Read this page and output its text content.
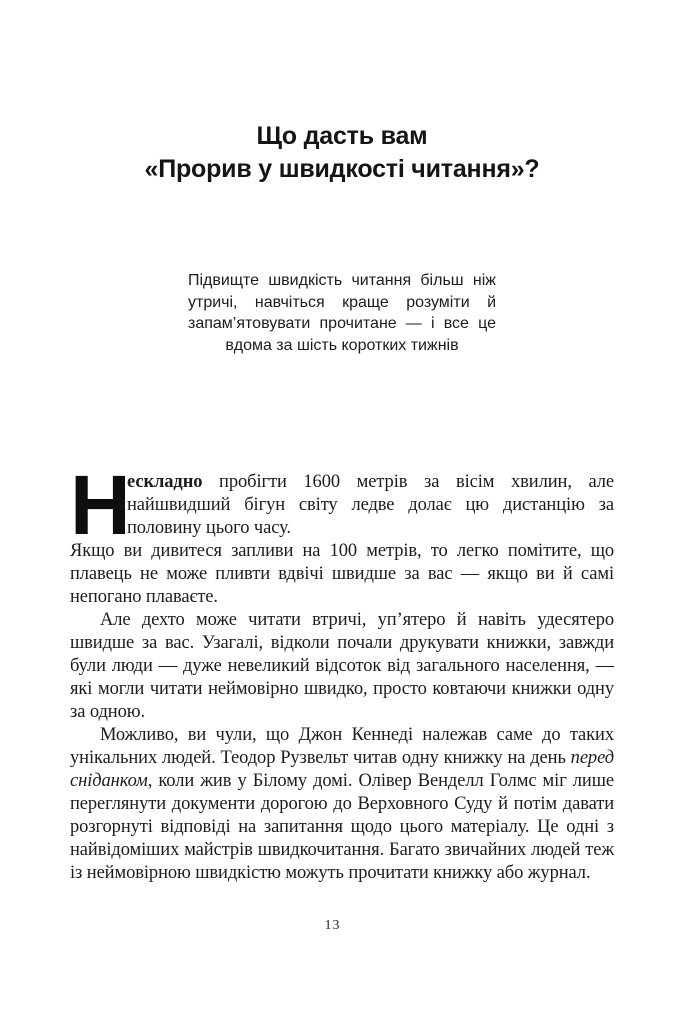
Що дасть вам
«Прорив у швидкості читання»?
Підвищте швидкість читання більш ніж утричі, навчіться краще розуміти й запам’ятовувати прочитане — і все це вдома за шість коротких тижнів

Н
ескладно пробігти 1600 метрів за вісім хвилин, але найшвидший бігун світу ледве долає цю дистанцію за половину цього часу.

Якщо ви дивитеся запливи на 100 метрів, то легко помітите, що плавець не може пливти вдвічі швидше за вас — якщо ви й самі непогано плаваєте.

Але дехто може читати втричі, уп’ятеро й навіть удесятеро швидше за вас. Узагалі, відколи почали друкувати книжки, завжди були люди — дуже невеликий відсоток від загального населення, — які могли читати неймовірно швидко, просто ковтаючи книжки одну за одною.

Можливо, ви чули, що Джон Кеннеді належав саме до таких унікальних людей. Теодор Рузвельт читав одну книжку на день перед сніданком, коли жив у Білому домі. Олівер Венделл Голмс міг лише переглянути документи дорогою до Верховного Суду й потім давати розгорнуті відповіді на запитання щодо цього матеріалу. Це одні з найвідоміших майстрів швидкочитання. Багато звичайних людей теж із неймовірною швидкістю можуть прочитати книжку або журнал.

13
